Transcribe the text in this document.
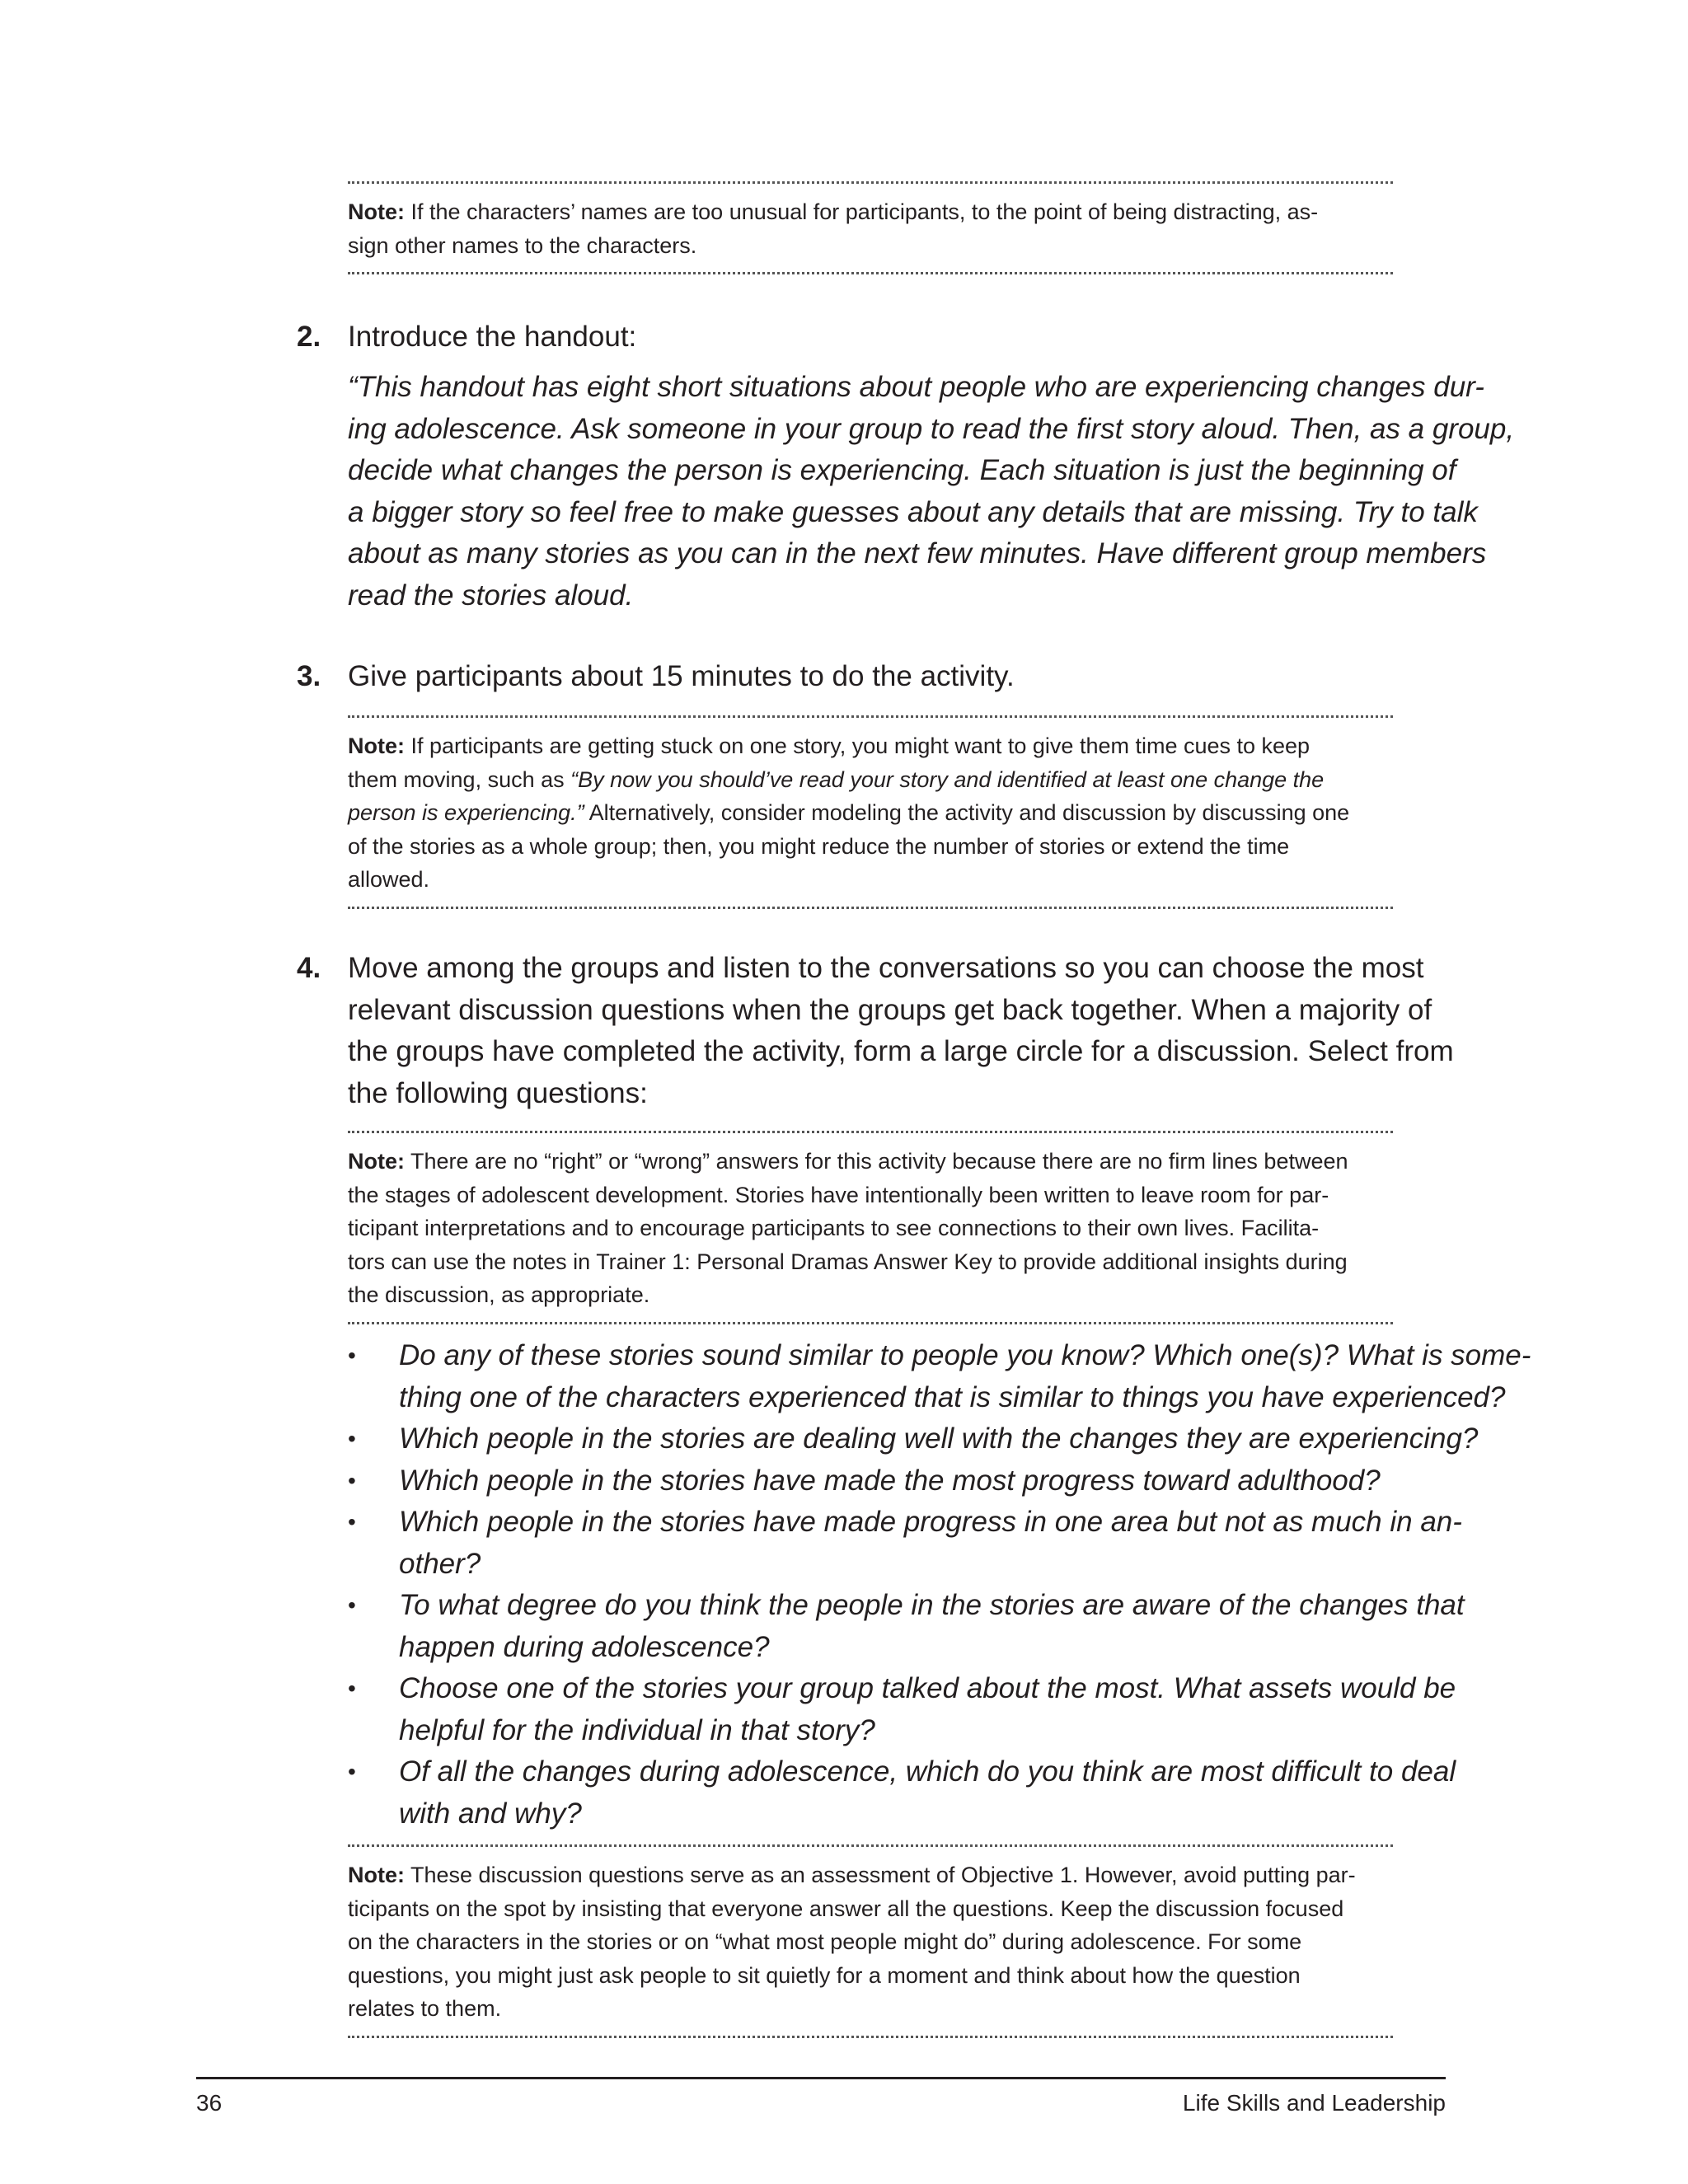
Note: If the characters’ names are too unusual for participants, to the point of being distracting, as-
sign other names to the characters.
2. Introduce the handout:
“This handout has eight short situations about people who are experiencing changes dur-
ing adolescence. Ask someone in your group to read the first story aloud. Then, as a group,
decide what changes the person is experiencing. Each situation is just the beginning of
a bigger story so feel free to make guesses about any details that are missing. Try to talk
about as many stories as you can in the next few minutes. Have different group members
read the stories aloud.
3. Give participants about 15 minutes to do the activity.
Note: If participants are getting stuck on one story, you might want to give them time cues to keep
them moving, such as “By now you should’ve read your story and identified at least one change the
person is experiencing.” Alternatively, consider modeling the activity and discussion by discussing one
of the stories as a whole group; then, you might reduce the number of stories or extend the time
allowed.
4. Move among the groups and listen to the conversations so you can choose the most
relevant discussion questions when the groups get back together. When a majority of
the groups have completed the activity, form a large circle for a discussion. Select from
the following questions:
Note: There are no “right” or “wrong” answers for this activity because there are no firm lines between
the stages of adolescent development. Stories have intentionally been written to leave room for par-
ticipant interpretations and to encourage participants to see connections to their own lives. Facilita-
tors can use the notes in Trainer 1: Personal Dramas Answer Key to provide additional insights during
the discussion, as appropriate.
• Do any of these stories sound similar to people you know? Which one(s)? What is some-
thing one of the characters experienced that is similar to things you have experienced?
• Which people in the stories are dealing well with the changes they are experiencing?
• Which people in the stories have made the most progress toward adulthood?
• Which people in the stories have made progress in one area but not as much in an-
other?
• To what degree do you think the people in the stories are aware of the changes that
happen during adolescence?
• Choose one of the stories your group talked about the most. What assets would be
helpful for the individual in that story?
• Of all the changes during adolescence, which do you think are most difficult to deal
with and why?
Note: These discussion questions serve as an assessment of Objective 1. However, avoid putting par-
ticipants on the spot by insisting that everyone answer all the questions. Keep the discussion focused
on the characters in the stories or on “what most people might do” during adolescence. For some
questions, you might just ask people to sit quietly for a moment and think about how the question
relates to them.
36	Life Skills and Leadership
